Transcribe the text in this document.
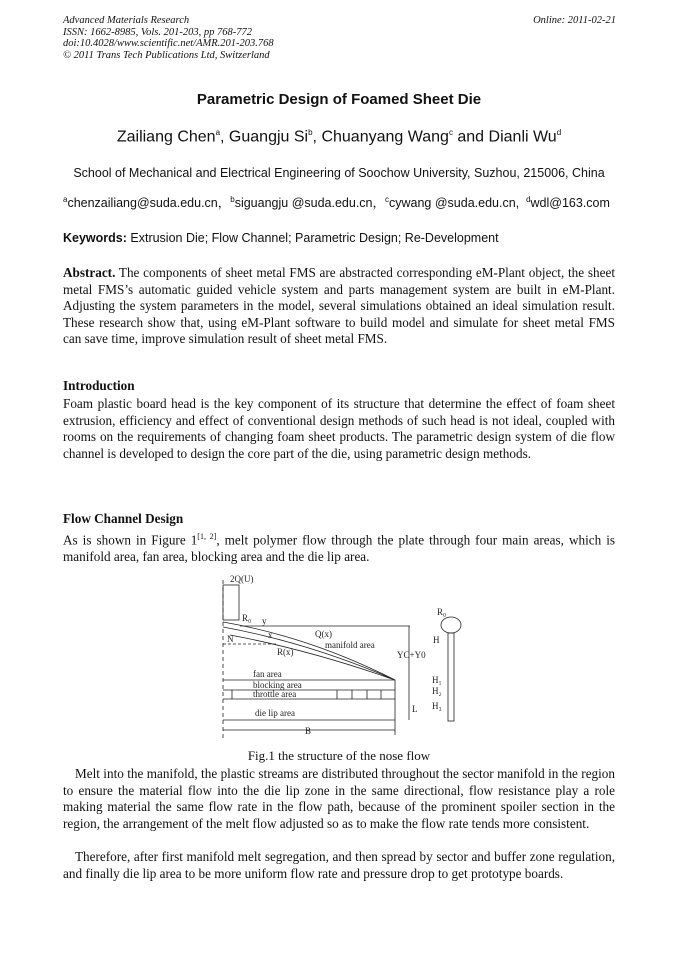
Advanced Materials Research
ISSN: 1662-8985, Vols. 201-203, pp 768-772
doi:10.4028/www.scientific.net/AMR.201-203.768
© 2011 Trans Tech Publications Ltd, Switzerland
Online: 2011-02-21
Parametric Design of Foamed Sheet Die
Zailiang Chen$^a$, Guangju Si$^b$, Chuanyang Wang$^c$ and Dianli Wu$^d$
School of Mechanical and Electrical Engineering of Soochow University, Suzhou, 215006, China
$^a$chenzailiang@suda.edu.cn，$^b$siguangju @suda.edu.cn，$^c$cywang @suda.edu.cn,  $^d$wdl@163.com
Keywords: Extrusion Die; Flow Channel; Parametric Design; Re-Development
Abstract. The components of sheet metal FMS are abstracted corresponding eM-Plant object, the sheet metal FMS’s automatic guided vehicle system and parts management system are built in eM-Plant. Adjusting the system parameters in the model, several simulations obtained an ideal simulation result. These research show that, using eM-Plant software to build model and simulate for sheet metal FMS can save time, improve simulation result of sheet metal FMS.
Introduction
Foam plastic board head is the key component of its structure that determine the effect of foam sheet extrusion, efficiency and effect of conventional design methods of such head is not ideal, coupled with rooms on the requirements of changing foam sheet products. The parametric design system of die flow channel is developed to design the core part of the die, using parametric design methods.
Flow Channel Design
As is shown in Figure 1[1, 2], melt polymer flow through the plate through four main areas, which is manifold area, fan area, blocking area and the die lip area.
2Q(U)
R₀ y
x
N	Q(x)
R(x)
manifold area
YC+Y0
fan area
blocking area
throttle area
die lip area	L
B
R₀
H
H₁
H₂
H₃
Fig.1 the structure of the nose flow
Melt into the manifold, the plastic streams are distributed throughout the sector manifold in the region to ensure the material flow into the die lip zone in the same directional, flow resistance play a role making material the same flow rate in the flow path, because of the prominent spoiler section in the region, the arrangement of the melt flow adjusted so as to make the flow rate tends more consistent.
Therefore, after first manifold melt segregation, and then spread by sector and buffer zone regulation, and finally die lip area to be more uniform flow rate and pressure drop to get prototype boards.
